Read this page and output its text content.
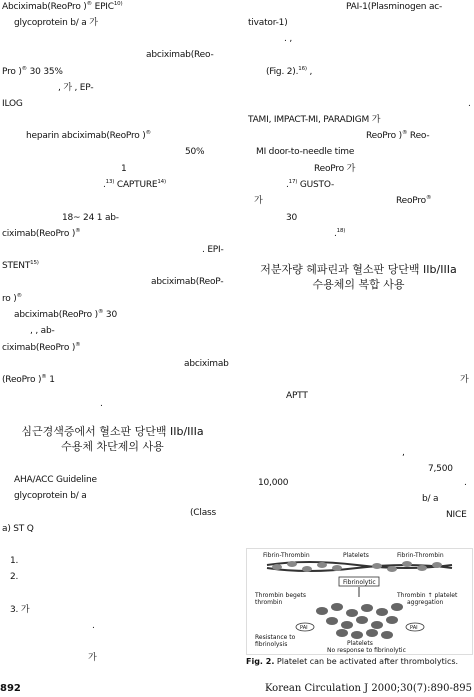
Abciximab(ReoPro )® EPIC$^{10)}$
glycoprotein b/ a 가
abciximab(Reo-
Pro )® 30 35%
, 가 , EP-
ILOG
heparin abciximab(ReoPro )®
50%
1
.$^{13)}$ CAPTURE$^{14)}$
18~ 24 1 ab-
ciximab(ReoPro )®
. EPI-
STENT$^{15)}$
abciximab(ReoP-
ro )®
abciximab(ReoPro )® 30
, , ab-
ciximab(ReoPro )®
abciximab
(ReoPro )® 1
.
심근경색증에서 혈소판 당단백 IIb/IIIa
수용체 차단제의 사용
AHA/ACC Guideline
glycoprotein b/ a
(Class
a) ST Q
1.
2.
3. 가
.
가
PAI-1(Plasminogen ac-
tivator-1)
. ,
(Fig. 2).$^{16)}$ ,
.
TAMI, IMPACT-MI, PARADIGM 가
ReoPro )® Reo-
MI door-to-needle time
ReoPro 가
.$^{17)}$ GUSTO-
가	ReoPro®
30
.$^{18)}$
저분자량 헤파린과 혈소판 당단백 IIb/IIIa
수용체의 복합 사용
가
APTT
,
7,500
10,000	.
b/ a
NICE
Fibrin-Thrombin	Platelets	Fibrin-Thrombin
Fibrinolytic
Thrombin begets
thrombin
Thrombin ↑ platelet
aggregation
PAI	PAI
Resistance to
fibrinolysis	Platelets
No response to fibrinolytic
Fig. 2. Platelet can be activated after thrombolytics.
892	Korean Circulation J 2000;30(7):890-895
